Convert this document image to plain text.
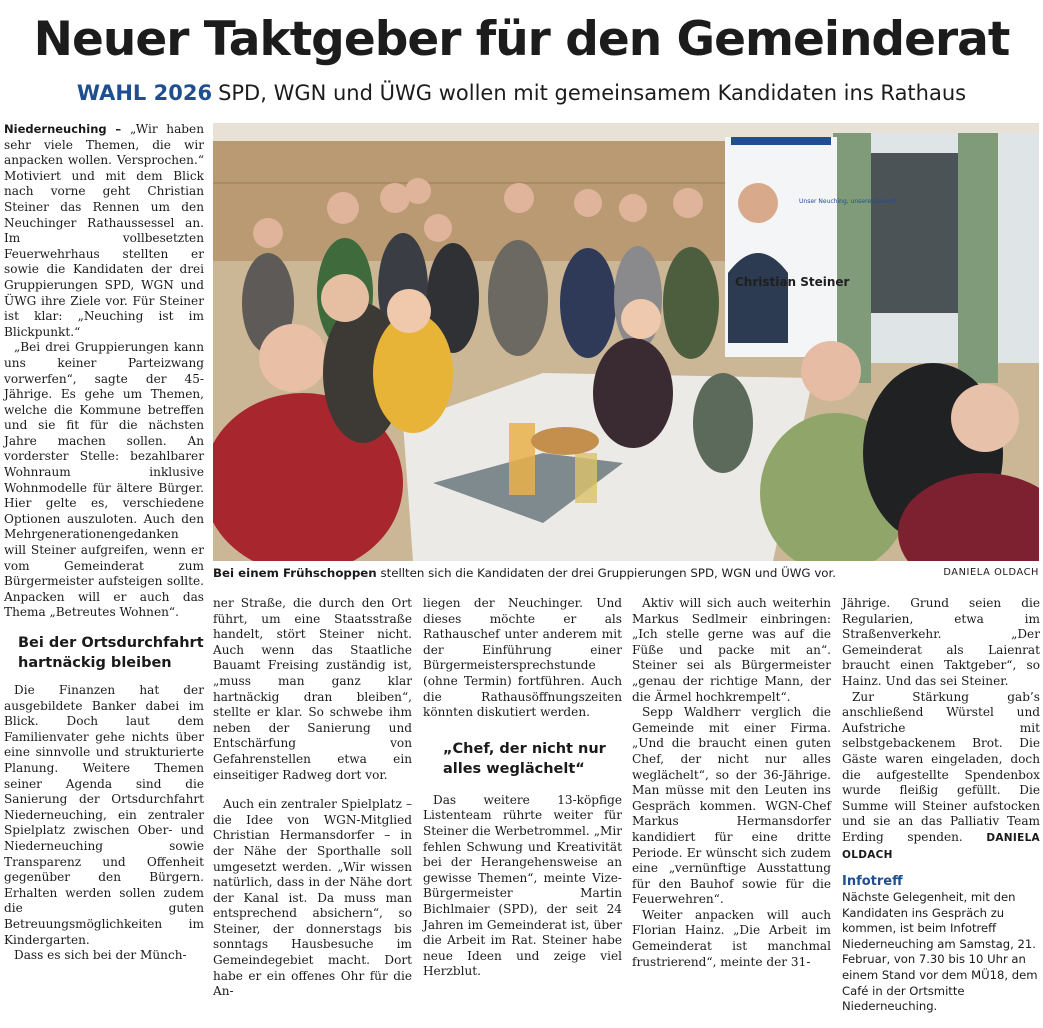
Neuer Taktgeber für den Gemeinderat
WAHL 2026 SPD, WGN und ÜWG wollen mit gemeinsamem Kandidaten ins Rathaus

Niederneuching – „Wir haben sehr viele Themen, die wir anpacken wollen. Versprochen.“ Motiviert und mit dem Blick nach vorne geht Christian Steiner das Rennen um den Neuchinger Rathaussessel an. Im vollbesetzten Feuerwehrhaus stellten er sowie die Kandidaten der drei Gruppierungen SPD, WGN und ÜWG ihre Ziele vor. Für Steiner ist klar: „Neuching ist im Blickpunkt.“

„Bei drei Gruppierungen kann uns keiner Parteizwang vorwerfen“, sagte der 45-Jährige. Es gehe um Themen, welche die Kommune betreffen und sie fit für die nächsten Jahre machen sollen. An vorderster Stelle: bezahlbarer Wohnraum inklusive Wohnmodelle für ältere Bürger. Hier gelte es, verschiedene Optionen auszuloten. Auch den Mehrgenerationengedanken will Steiner aufgreifen, wenn er vom Gemeinderat zum Bürgermeister aufsteigen sollte. Anpacken will er auch das Thema „Betreutes Wohnen“.

Bei der Ortsdurchfahrt hartnäckig bleiben

Die Finanzen hat der ausgebildete Banker dabei im Blick. Doch laut dem Familienvater gehe nichts über eine sinnvolle und strukturierte Planung. Weitere Themen seiner Agenda sind die Sanierung der Ortsdurchfahrt Niederneuching, ein zentraler Spielplatz zwischen Ober- und Niederneuching sowie Transparenz und Offenheit gegenüber den Bürgern. Erhalten werden sollen zudem die guten Betreuungsmöglichkeiten im Kindergarten.

Dass es sich bei der Münch-

Christian Steiner
Unser Neuching, unsere Zukunft
Bei einem Frühschoppen stellten sich die Kandidaten der drei Gruppierungen SPD, WGN und ÜWG vor.	DANIELA OLDACH

ner Straße, die durch den Ort führt, um eine Staatsstraße handelt, stört Steiner nicht. Auch wenn das Staatliche Bauamt Freising zuständig ist, „muss man ganz klar hartnäckig dran bleiben“, stellte er klar. So schwebe ihm neben der Sanierung und Entschärfung von Gefahrenstellen etwa ein einseitiger Radweg dort vor.

Auch ein zentraler Spielplatz – die Idee von WGN-Mitglied Christian Hermansdorfer – in der Nähe der Sporthalle soll umgesetzt werden. „Wir wissen natürlich, dass in der Nähe dort der Kanal ist. Da muss man entsprechend absichern“, so Steiner, der donnerstags bis sonntags Hausbesuche im Gemeindegebiet macht. Dort habe er ein offenes Ohr für die An-

liegen der Neuchinger. Und dieses möchte er als Rathauschef unter anderem mit der Einführung einer Bürgermeistersprechstunde (ohne Termin) fortführen. Auch die Rathausöffnungszeiten könnten diskutiert werden.

„Chef, der nicht nur alles weglächelt“

Das weitere 13-köpfige Listenteam rührte weiter für Steiner die Werbetrommel. „Mir fehlen Schwung und Kreativität bei der Herangehensweise an gewisse Themen“, meinte Vize-Bürgermeister Martin Bichlmaier (SPD), der seit 24 Jahren im Gemeinderat ist, über die Arbeit im Rat. Steiner habe neue Ideen und zeige viel Herzblut.

Aktiv will sich auch weiterhin Markus Sedlmeir einbringen: „Ich stelle gerne was auf die Füße und packe mit an“. Steiner sei als Bürgermeister „genau der richtige Mann, der die Ärmel hochkrempelt“.

Sepp Waldherr verglich die Gemeinde mit einer Firma. „Und die braucht einen guten Chef, der nicht nur alles weglächelt“, so der 36-Jährige. Man müsse mit den Leuten ins Gespräch kommen. WGN-Chef Markus Hermansdorfer kandidiert für eine dritte Periode. Er wünscht sich zudem eine „vernünftige Ausstattung für den Bauhof sowie für die Feuerwehren“.

Weiter anpacken will auch Florian Hainz. „Die Arbeit im Gemeinderat ist manchmal frustrierend“, meinte der 31-

Jährige. Grund seien die Regularien, etwa im Straßenverkehr. „Der Gemeinderat als Laienrat braucht einen Taktgeber“, so Hainz. Und das sei Steiner.

Zur Stärkung gab’s anschließend Würstel und Aufstriche mit selbstgebackenem Brot. Die Gäste waren eingeladen, doch die aufgestellte Spendenbox wurde fleißig gefüllt. Die Summe will Steiner aufstocken und sie an das Palliativ Team Erding spenden. DANIELA OLDACH

Infotreff
Nächste Gelegenheit, mit den Kandidaten ins Gespräch zu kommen, ist beim Infotreff Niederneuching am Samstag, 21. Februar, von 7.30 bis 10 Uhr an einem Stand vor dem MÜ18, dem Café in der Ortsmitte Niederneuching.
